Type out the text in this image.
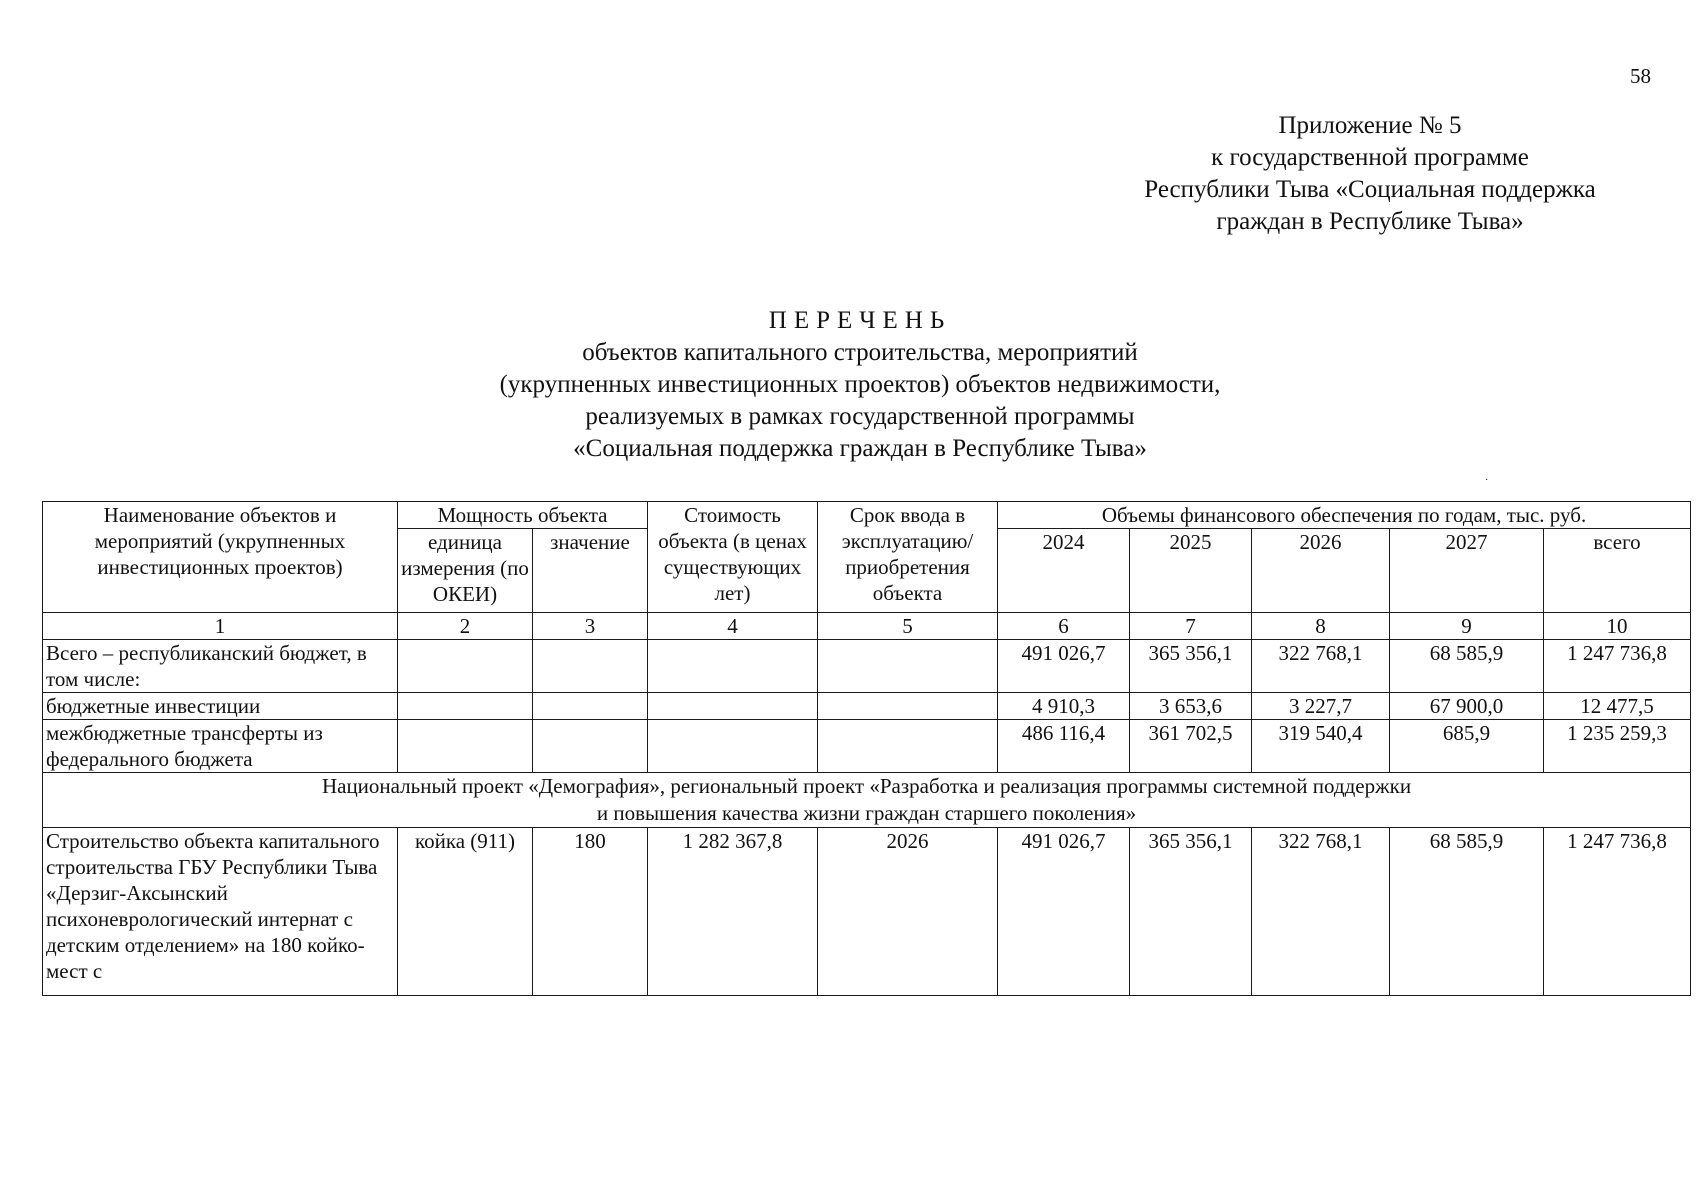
58
Приложение № 5
к государственной программе
Республики Тыва «Социальная поддержка
граждан в Республике Тыва»
ПЕРЕЧЕНЬ
объектов капитального строительства, мероприятий
(укрупненных инвестиционных проектов) объектов недвижимости,
реализуемых в рамках государственной программы
«Социальная поддержка граждан в Республике Тыва»
·
Наименование объектов и мероприятий (укрупненных инвестиционных проектов)	Мощность объекта		Стоимость объекта (в ценах существующих лет)	Срок ввода в эксплуатацию/ приобретения объекта	Объемы финансового обеспечения по годам, тыс. руб.				
	единица измерения (по ОКЕИ)	значение			2024	2025	2026	2027	всего
1	2	3	4	5	6	7	8	9	10
Всего – республиканский бюджет, в том числе:					491 026,7	365 356,1	322 768,1	68 585,9	1 247 736,8
бюджетные инвестиции					4 910,3	3 653,6	3 227,7	67 900,0	12 477,5
межбюджетные трансферты из федерального бюджета					486 116,4	361 702,5	319 540,4	685,9	1 235 259,3

Национальный проект «Демография», региональный проект «Разработка и реализация программы системной поддержки и повышения качества жизни граждан старшего поколения»									

Строительство объекта капитального строительства ГБУ Республики Тыва «Дерзиг-Аксынский психоневрологический интернат с детским отделением» на 180 койко-мест с	койка (911)	180	1 282 367,8	2026	491 026,7	365 356,1	322 768,1	68 585,9	1 247 736,8
